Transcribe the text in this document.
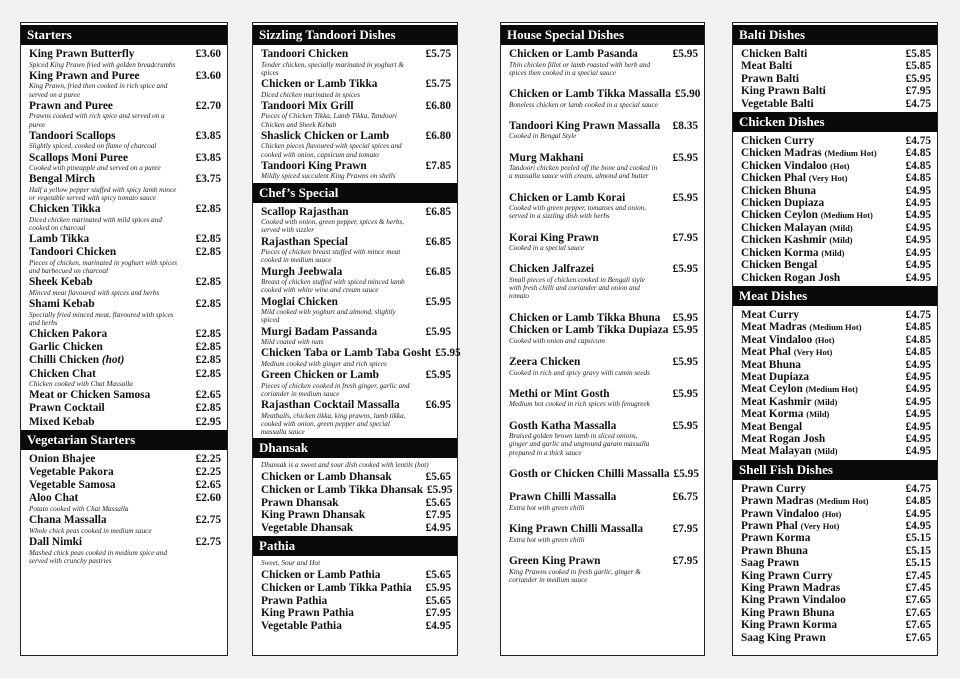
Starters
King Prawn Butterfly	£3.60
Spiced King Prawn fried with golden breadcrumbs
King Prawn and Puree	£3.60
King Prawn, fried then cooked in rich spice and served on a puree
Prawn and Puree	£2.70
Prawns cooked with rich spice and served on a puree
Tandoori Scallops	£3.85
Slightly spiced, cooked on flame of charcoal
Scallops Moni Puree	£3.85
Cooked with pineapple and served on a puree
Bengal Mirch	£3.75
Half a yellow pepper stuffed with spicy lamb mince or vegetable served with spicy tomato sauce
Chicken Tikka	£2.85
Diced chicken marinated with mild spices and cooked on charcoal
Lamb Tikka	£2.85
Tandoori Chicken	£2.85
Pieces of chicken, marinated in yoghurt with spices and barbecued on charcoal
Sheek Kebab	£2.85
Minced meat flavoured with spices and herbs
Shami Kebab	£2.85
Specially fried minced meat, flavoured with spices and herbs
Chicken Pakora	£2.85
Garlic Chicken	£2.85
Chilli Chicken (hot)	£2.85
Chicken Chat	£2.85
Chicken cooked with Chat Massalla
Meat or Chicken Samosa	£2.65
Prawn Cocktail	£2.85
Mixed Kebab	£2.95
Vegetarian Starters
Onion Bhajee	£2.25
Vegetable Pakora	£2.25
Vegetable Samosa	£2.65
Aloo Chat	£2.60
Potato cooked with Chat Massalla
Chana Massalla	£2.75
Whole chick peas cooked in medium sauce
Dall Nimki	£2.75
Mashed chick peas cooked in medium spice and served with crunchy pastries
Sizzling Tandoori Dishes
Tandoori Chicken	£5.75
Tender chicken, specially marinated in yoghurt & spices
Chicken or Lamb Tikka	£5.75
Diced chicken marinated in spices
Tandoori Mix Grill	£6.80
Pieces of Chicken Tikka, Lamb Tikka, Tandoori Chicken and Sheek Kebab
Shaslick Chicken or Lamb	£6.80
Chicken pieces flavoured with special spices and cooked with onion, capsicum and tomato
Tandoori King Prawn	£7.85
Mildly spiced succulent King Prawns on shells
Chef’s Special
Scallop Rajasthan	£6.85
Cooked with onion, green pepper, spices & herbs, served with sizzler
Rajasthan Special	£6.85
Pieces of chicken breast stuffed with mince meat cooked in medium sauce
Murgh Jeebwala	£6.85
Breast of chicken stuffed with spiced minced lamb cooked with white wine and cream sauce
Moglai Chicken	£5.95
Mild cooked with yoghurt and almond, slightly spiced
Murgi Badam Passanda	£5.95
Mild coated with nuts
Chicken Taba or Lamb Taba Gosht £5.95
Medium cooked with ginger and rich spices
Green Chicken or Lamb	£5.95
Pieces of chicken cooked in fresh ginger, garlic and coriander in medium sauce
Rajasthan Cocktail Massalla	£6.95
Meatballs, chicken tikka, king prawns, lamb tikka, cooked with onion, green pepper and special massalla sauce
Dhansak
Dhansak is a sweet and sour dish cooked with lentils (hot)
Chicken or Lamb Dhansak	£5.65
Chicken or Lamb Tikka Dhansak £5.95
Prawn Dhansak	£5.65
King Prawn Dhansak	£7.95
Vegetable Dhansak	£4.95
Pathia
Sweet, Sour and Hot
Chicken or Lamb Pathia	£5.65
Chicken or Lamb Tikka Pathia	£5.95
Prawn Pathia	£5.65
King Prawn Pathia	£7.95
Vegetable Pathia	£4.95
House Special Dishes
Chicken or Lamb Pasanda	£5.95
Thin chicken fillet or lamb roasted with herb and spices then cooked in a special sauce
Chicken or Lamb Tikka Massalla £5.90
Boneless chicken or lamb cooked in a special sauce
Tandoori King Prawn Massalla	£8.35
Cooked in Bengal Style
Murg Makhani	£5.95
Tandoori chicken peeled off the bone and cooked in a massalla sauce with cream, almond and butter
Chicken or Lamb Korai	£5.95
Cooked with green pepper, tomatoes and onion, served in a sizzling dish with herbs
Korai King Prawn	£7.95
Cooked in a special sauce
Chicken Jalfrazei	£5.95
Small pieces of chicken cooked in Bengali style with fresh chilli and coriander and onion and tomato
Chicken or Lamb Tikka Bhuna	£5.95
Chicken or Lamb Tikka Dupiaza £5.95
Cooked with onion and capsicum
Zeera Chicken	£5.95
Cooked in rich and spicy gravy with cumin seeds
Methi or Mint Gosth	£5.95
Medium hot cooked in rich spices with fenugreek
Gosth Katha Massalla	£5.95
Braised golden brown lamb in sliced onions, ginger and garlic and unground garam massalla prepared in a thick sauce
Gosth or Chicken Chilli Massalla £5.95
Prawn Chilli Massalla	£6.75
Extra hot with green chilli
King Prawn Chilli Massalla	£7.95
Extra hot with green chilli
Green King Prawn	£7.95
King Prawns cooked in fresh garlic, ginger & coriander in medium sauce
Balti Dishes
Chicken Balti	£5.85
Meat Balti	£5.85
Prawn Balti	£5.95
King Prawn Balti	£7.95
Vegetable Balti	£4.75
Chicken Dishes
Chicken Curry	£4.75
Chicken Madras (Medium Hot)	£4.85
Chicken Vindaloo (Hot)	£4.85
Chicken Phal (Very Hot)	£4.85
Chicken Bhuna	£4.95
Chicken Dupiaza	£4.95
Chicken Ceylon (Medium Hot)	£4.95
Chicken Malayan (Mild)	£4.95
Chicken Kashmir (Mild)	£4.95
Chicken Korma (Mild)	£4.95
Chicken Bengal	£4.95
Chicken Rogan Josh	£4.95
Meat Dishes
Meat Curry	£4.75
Meat Madras (Medium Hot)	£4.85
Meat Vindaloo (Hot)	£4.85
Meat Phal (Very Hot)	£4.85
Meat Bhuna	£4.95
Meat Dupiaza	£4.95
Meat Ceylon (Medium Hot)	£4.95
Meat Kashmir (Mild)	£4.95
Meat Korma (Mild)	£4.95
Meat Bengal	£4.95
Meat Rogan Josh	£4.95
Meat Malayan (Mild)	£4.95
Shell Fish Dishes
Prawn Curry	£4.75
Prawn Madras (Medium Hot)	£4.85
Prawn Vindaloo (Hot)	£4.95
Prawn Phal (Very Hot)	£4.95
Prawn Korma	£5.15
Prawn Bhuna	£5.15
Saag Prawn	£5.15
King Prawn Curry	£7.45
King Prawn Madras	£7.45
King Prawn Vindaloo	£7.65
King Prawn Bhuna	£7.65
King Prawn Korma	£7.65
Saag King Prawn	£7.65
